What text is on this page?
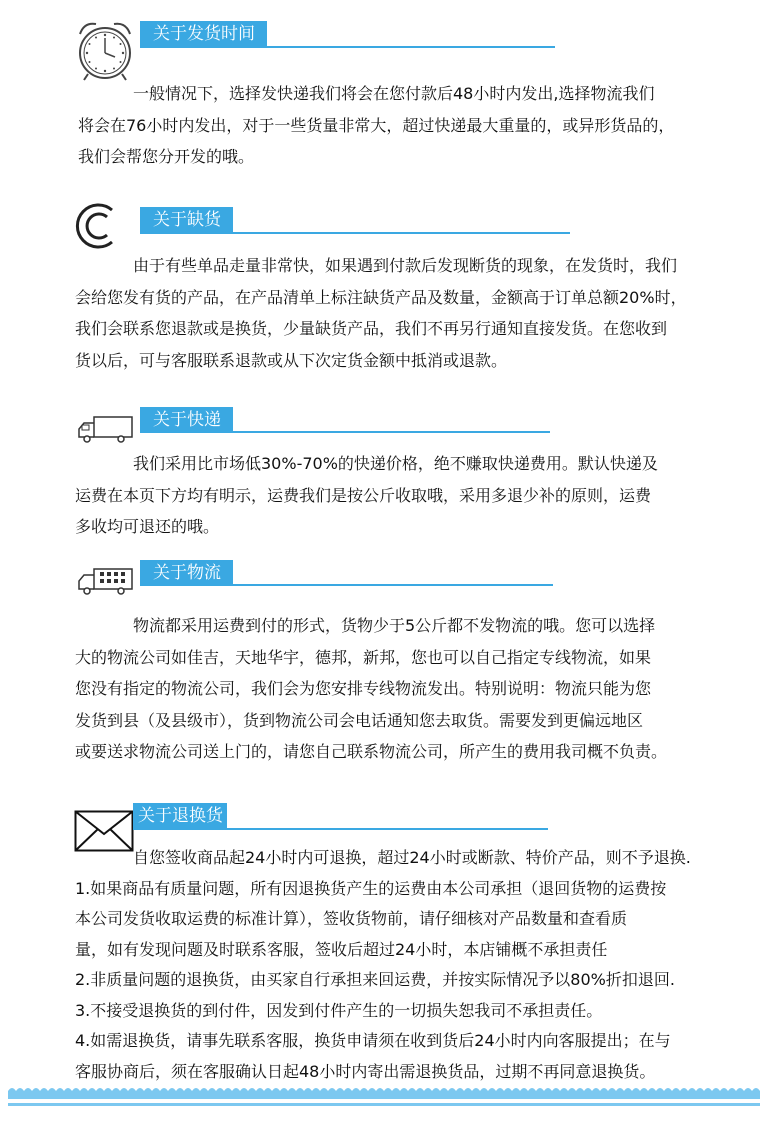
关于发货时间

一般情况下，选择发快递我们将会在您付款后48小时内发出,选择物流我们
将会在76小时内发出，对于一些货量非常大，超过快递最大重量的，或异形货品的，
我们会帮您分开发的哦。

关于缺货

由于有些单品走量非常快，如果遇到付款后发现断货的现象，在发货时，我们
会给您发有货的产品，在产品清单上标注缺货产品及数量，金额高于订单总额20%时，
我们会联系您退款或是换货，少量缺货产品，我们不再另行通知直接发货。在您收到
货以后，可与客服联系退款或从下次定货金额中抵消或退款。

关于快递

我们采用比市场低30%-70%的快递价格，绝不赚取快递费用。默认快递及
运费在本页下方均有明示，运费我们是按公斤收取哦，采用多退少补的原则，运费
多收均可退还的哦。

关于物流

物流都采用运费到付的形式，货物少于5公斤都不发物流的哦。您可以选择
大的物流公司如佳吉，天地华宇，德邦，新邦，您也可以自己指定专线物流，如果
您没有指定的物流公司，我们会为您安排专线物流发出。特别说明：物流只能为您
发货到县（及县级市），货到物流公司会电话通知您去取货。需要发到更偏远地区
或要送求物流公司送上门的，请您自己联系物流公司，所产生的费用我司概不负责。

关于退换货

自您签收商品起24小时内可退换，超过24小时或断款、特价产品，则不予退换.
1.如果商品有质量问题，所有因退换货产生的运费由本公司承担（退回货物的运费按
本公司发货收取运费的标准计算），签收货物前，请仔细核对产品数量和查看质
量，如有发现问题及时联系客服，签收后超过24小时，本店铺概不承担责任
2.非质量问题的退换货，由买家自行承担来回运费，并按实际情况予以80%折扣退回.
3.不接受退换货的到付件，因发到付件产生的一切损失恕我司不承担责任。
4.如需退换货，请事先联系客服，换货申请须在收到货后24小时内向客服提出；在与
客服协商后，须在客服确认日起48小时内寄出需退换货品，过期不再同意退换货。
